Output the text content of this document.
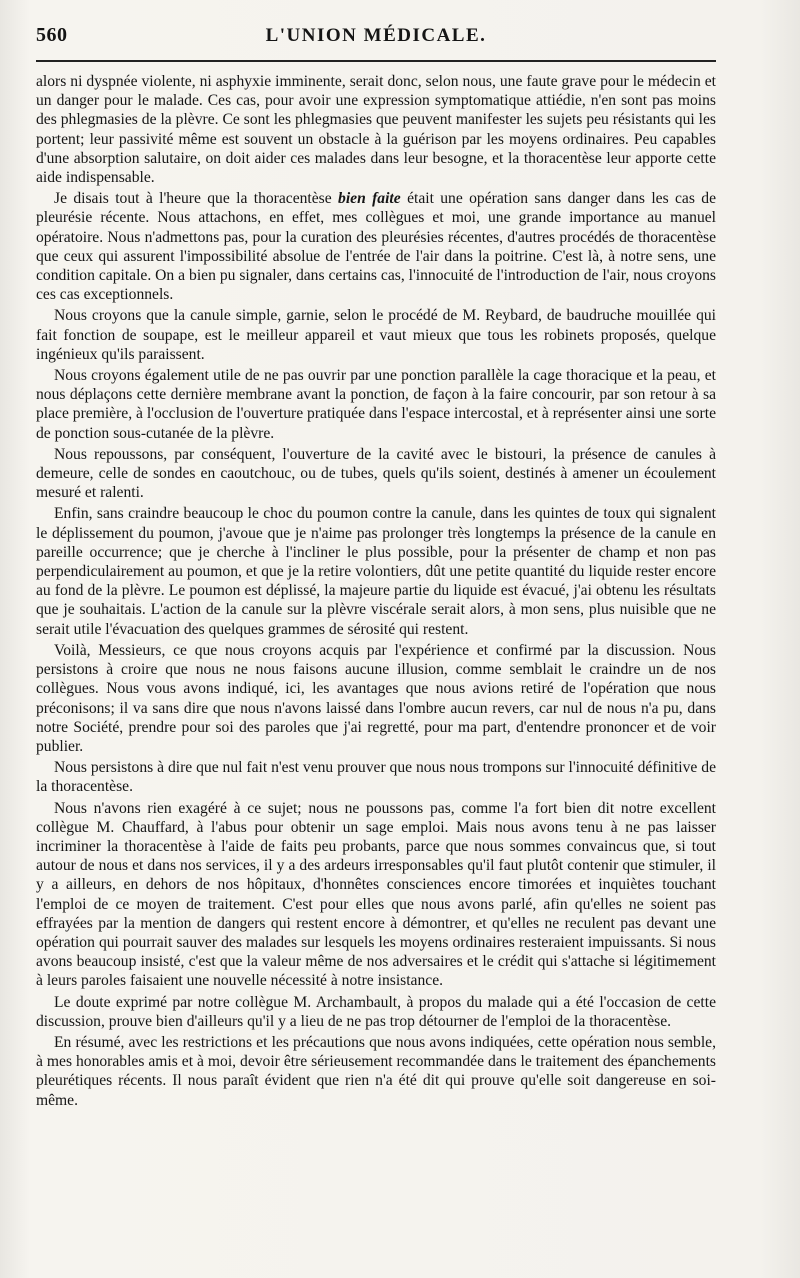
560	L'UNION MÉDICALE.

alors ni dyspnée violente, ni asphyxie imminente, serait donc, selon nous, une faute grave pour le médecin et un danger pour le malade. Ces cas, pour avoir une expression symptomatique attiédie, n'en sont pas moins des phlegmasies de la plèvre. Ce sont les phlegmasies que peuvent manifester les sujets peu résistants qui les portent; leur passivité même est souvent un obstacle à la guérison par les moyens ordinaires. Peu capables d'une absorption salutaire, on doit aider ces malades dans leur besogne, et la thoracentèse leur apporte cette aide indispensable.

Je disais tout à l'heure que la thoracentèse bien faite était une opération sans danger dans les cas de pleurésie récente. Nous attachons, en effet, mes collègues et moi, une grande importance au manuel opératoire. Nous n'admettons pas, pour la curation des pleurésies récentes, d'autres procédés de thoracentèse que ceux qui assurent l'impossibilité absolue de l'entrée de l'air dans la poitrine. C'est là, à notre sens, une condition capitale. On a bien pu signaler, dans certains cas, l'innocuité de l'introduction de l'air, nous croyons ces cas exceptionnels.

Nous croyons que la canule simple, garnie, selon le procédé de M. Reybard, de baudruche mouillée qui fait fonction de soupape, est le meilleur appareil et vaut mieux que tous les robinets proposés, quelque ingénieux qu'ils paraissent.

Nous croyons également utile de ne pas ouvrir par une ponction parallèle la cage thoracique et la peau, et nous déplaçons cette dernière membrane avant la ponction, de façon à la faire concourir, par son retour à sa place première, à l'occlusion de l'ouverture pratiquée dans l'espace intercostal, et à représenter ainsi une sorte de ponction sous-cutanée de la plèvre.

Nous repoussons, par conséquent, l'ouverture de la cavité avec le bistouri, la présence de canules à demeure, celle de sondes en caoutchouc, ou de tubes, quels qu'ils soient, destinés à amener un écoulement mesuré et ralenti.

Enfin, sans craindre beaucoup le choc du poumon contre la canule, dans les quintes de toux qui signalent le déplissement du poumon, j'avoue que je n'aime pas prolonger très longtemps la présence de la canule en pareille occurrence; que je cherche à l'incliner le plus possible, pour la présenter de champ et non pas perpendiculairement au poumon, et que je la retire volontiers, dût une petite quantité du liquide rester encore au fond de la plèvre. Le poumon est déplissé, la majeure partie du liquide est évacué, j'ai obtenu les résultats que je souhaitais. L'action de la canule sur la plèvre viscérale serait alors, à mon sens, plus nuisible que ne serait utile l'évacuation des quelques grammes de sérosité qui restent.

Voilà, Messieurs, ce que nous croyons acquis par l'expérience et confirmé par la discussion. Nous persistons à croire que nous ne nous faisons aucune illusion, comme semblait le craindre un de nos collègues. Nous vous avons indiqué, ici, les avantages que nous avions retiré de l'opération que nous préconisons; il va sans dire que nous n'avons laissé dans l'ombre aucun revers, car nul de nous n'a pu, dans notre Société, prendre pour soi des paroles que j'ai regretté, pour ma part, d'entendre prononcer et de voir publier.

Nous persistons à dire que nul fait n'est venu prouver que nous nous trompons sur l'innocuité définitive de la thoracentèse.

Nous n'avons rien exagéré à ce sujet; nous ne poussons pas, comme l'a fort bien dit notre excellent collègue M. Chauffard, à l'abus pour obtenir un sage emploi. Mais nous avons tenu à ne pas laisser incriminer la thoracentèse à l'aide de faits peu probants, parce que nous sommes convaincus que, si tout autour de nous et dans nos services, il y a des ardeurs irresponsables qu'il faut plutôt contenir que stimuler, il y a ailleurs, en dehors de nos hôpitaux, d'honnêtes consciences encore timorées et inquiètes touchant l'emploi de ce moyen de traitement. C'est pour elles que nous avons parlé, afin qu'elles ne soient pas effrayées par la mention de dangers qui restent encore à démontrer, et qu'elles ne reculent pas devant une opération qui pourrait sauver des malades sur lesquels les moyens ordinaires resteraient impuissants. Si nous avons beaucoup insisté, c'est que la valeur même de nos adversaires et le crédit qui s'attache si légitimement à leurs paroles faisaient une nouvelle nécessité à notre insistance.

Le doute exprimé par notre collègue M. Archambault, à propos du malade qui a été l'occasion de cette discussion, prouve bien d'ailleurs qu'il y a lieu de ne pas trop détourner de l'emploi de la thoracentèse.

En résumé, avec les restrictions et les précautions que nous avons indiquées, cette opération nous semble, à mes honorables amis et à moi, devoir être sérieusement recommandée dans le traitement des épanchements pleurétiques récents. Il nous paraît évident que rien n'a été dit qui prouve qu'elle soit dangereuse en soi-même.
